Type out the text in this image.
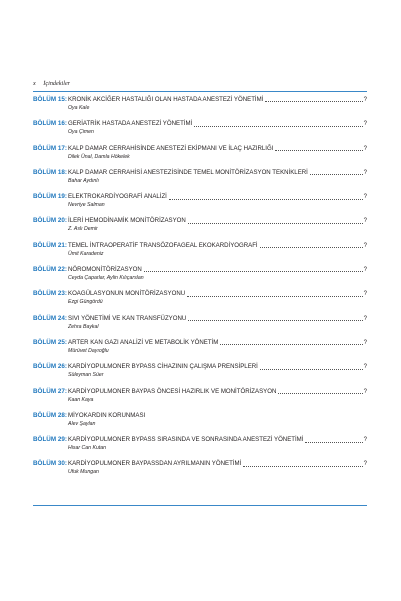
x İçindekiler
BÖLÜM 15: KRONİK AKCİĞER HASTALIĞI OLAN HASTADA ANESTEZİ YÖNETİMİ	?
Oya Kale
BÖLÜM 16: GERİATRİK HASTADA ANESTEZİ YÖNETİMİ	?
Oya Çimen
BÖLÜM 17: KALP DAMAR CERRAHİSİNDE ANESTEZİ EKİPMANI VE İLAÇ HAZIRLIĞI	?
Dilek Ünal, Damla Hökelek
BÖLÜM 18: KALP DAMAR CERRAHİSİ ANESTEZİSİNDE TEMEL MONİTÖRİZASYON TEKNİKLERİ	?
Bahar Aydınlı
BÖLÜM 19: ELEKTROKARDİYOGRAFİ ANALİZİ	?
Nevriye Salman
BÖLÜM 20: İLERİ HEMODİNAMİK MONİTÖRİZASYON	?
Z. Aslı Demir
BÖLÜM 21: TEMEL İNTRAOPERATİF TRANSÖZOFAGEAL EKOKARDİYOGRAFİ	?
Ümit Karadeniz
BÖLÜM 22: NÖROMONİTÖRİZASYON	?
Ceyda Çaparlar, Aylin Kılıçarslan
BÖLÜM 23: KOAGÜLASYONUN MONİTÖRİZASYONU	?
Ezgi Güngördü
BÖLÜM 24: SIVI YÖNETİMİ VE KAN TRANSFÜZYONU	?
Zehra Baykal
BÖLÜM 25: ARTER KAN GAZI ANALİZİ VE METABOLİK YÖNETİM	?
Mürüvet Dayıoğlu
BÖLÜM 26: KARDİYOPULMONER BYPASS CİHAZININ ÇALIŞMA PRENSİPLERİ	?
Süleyman Süer
BÖLÜM 27: KARDİYOPULMONER BAYPAS ÖNCESİ HAZIRLIK VE MONİTÖRİZASYON	?
Kaan Kaya
BÖLÜM 28: MİYOKARDIN KORUNMASI
Alev Şaylan
BÖLÜM 29: KARDİYOPULMONER BYPASS SIRASINDA VE SONRASINDA ANESTEZİ YÖNETİMİ	?
Hisar Can Kutan
BÖLÜM 30: KARDİYOPULMONER BAYPASSDAN AYRILMANIN YÖNETİMİ	?
Ufuk Mungan
